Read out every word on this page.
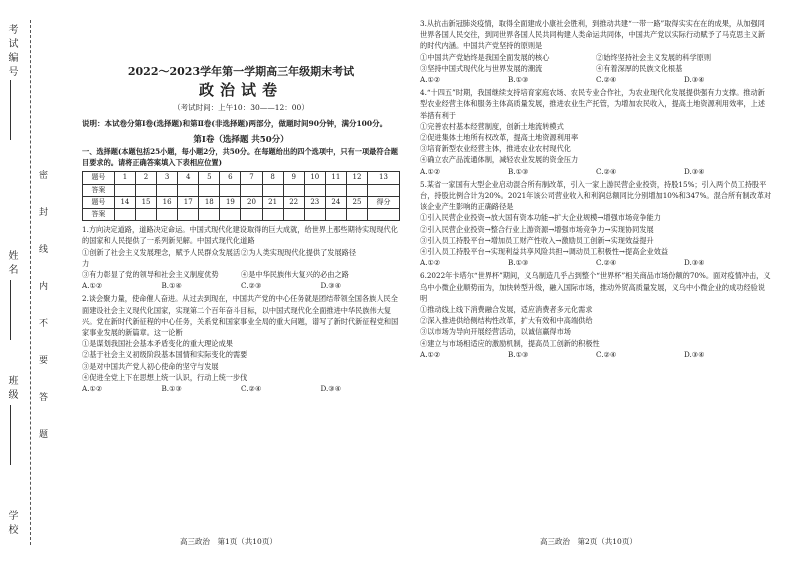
考试编号
姓名
班级
学校
密封线内不要答题
2022～2023学年第一学期高三年级期末考试
政治试卷
（考试时间：上午10：30——12：00）
说明：本试卷分第Ⅰ卷(选择题)和第Ⅱ卷(非选择题)两部分，做题时间90分钟，满分100分。
第Ⅰ卷（选择题 共50分）

一、选择题(本题包括25小题，每小题2分，共50分。在每题给出的四个选项中，只有一项最符合题目要求的。请将正确答案填入下表相应位置)

题号	1	2	3	4	5	6	7	8	9	10	11	12	13
答案													
题号	14	15	16	17	18	19	20	21	22	23	24	25	得分
答案													

1.方向决定道路，道路决定命运。中国式现代化建设取得的巨大成就，给世界上那些期待实现现代化的国家和人民提供了一系列新见解。中国式现代化道路

①创新了社会主义发展理念，赋予人民群众发展活力
②为人类实现现代化提供了发展路径
③有力彰显了党的领导和社会主义制度优势	④是中华民族伟大复兴的必由之路
A.①②	B.①④	C.②③	D.③④

2.谈会聚力量，使命催人奋进。从过去到现在，中国共产党的中心任务就是团结带领全国各族人民全面建设社会主义现代化国家，实现第二个百年奋斗目标，以中国式现代化全面推进中华民族伟大复兴。党在新时代新征程的中心任务，关系党和国家事业全局的重大问题，谱写了新时代新征程党和国家事业发展的新篇章。这一论断

①是谋划我国社会基本矛盾变化的重大理论成果

②基于社会主义初级阶段基本国情和实际变化的需要

③是对中国共产党人初心使命的坚守与发展

④促进全党上下在思想上统一认识，行动上统一步伐

A.①②	B.①③	C.②④	D.③④
高三政治　第1页（共10页）

3.从抗击新冠肺炎疫情，取得全面建成小康社会胜利，到推动共建“一带一路”取得实实在在的成果，从加强同世界各国人民交往，到同世界各国人民共同构建人类命运共同体，中国共产党以实际行动赋予了马克思主义新的时代内涵。中国共产党坚持的原则是

①中国共产党始终是我国全面发展的核心	②始终坚持社会主义发展的科学原则
③坚持中国式现代化与世界发展的潮流	④有着深厚的民族文化根基
A.①②	B.①③	C.②④	D.③④

4.“十四五”时期，我国继续支持培育家庭农场、农民专业合作社，为农业现代化发展提供强有力支撑。推动新型农业经营主体和服务主体高质量发展，推进农业生产托管，为增加农民收入，提高土地资源利用效率，上述举措有利于

①完善农村基本经营制度，创新土地流转模式

②促进集体土地所有权改革，提高土地资源利用率

③培育新型农业经营主体，推进农业农村现代化

④确立农产品流通体制，减轻农业发展的资金压力

A.①②	B.①③	C.②④	D.③④

5.某省一家国有大型企业启动混合所有制改革，引入一家上游民营企业投资，持股15%；引入两个员工持股平台，持股比例合计为20%。2021年该公司营业收入和利润总额同比分别增加10%和347%。混合所有制改革对该企业产生影响的正确路径是

①引入民营企业投资→放大国有资本功能→扩大企业规模→增强市场竞争能力

②引入民营企业投资→整合行业上游资源→增强市场竞争力→实现协同发展

③引入员工持股平台→增加员工财产性收入→激励员工创新→实现效益提升

④引入员工持股平台→实现利益共享风险共担→调动员工积极性→提高企业效益

A.①②	B.①③	C.②④	D.③④

6.2022年卡塔尔“世界杯”期间，义乌制造几乎占到整个“世界杯”相关商品市场份额的70%。面对疫情冲击，义乌中小微企业顺势而为，加快转型升级，融入国际市场，推动外贸高质量发展，义乌中小微企业的成功经验说明

①推动线上线下消费融合发展，适应消费者多元化需求

②深入推进供给侧结构性改革，扩大有效和中高端供给

③以市场为导向开展经营活动，以诚信赢得市场

④建立与市场相适应的激励机制，提高员工创新的积极性

A.①②	B.①③	C.②④	D.③④
高三政治　第2页（共10页）
